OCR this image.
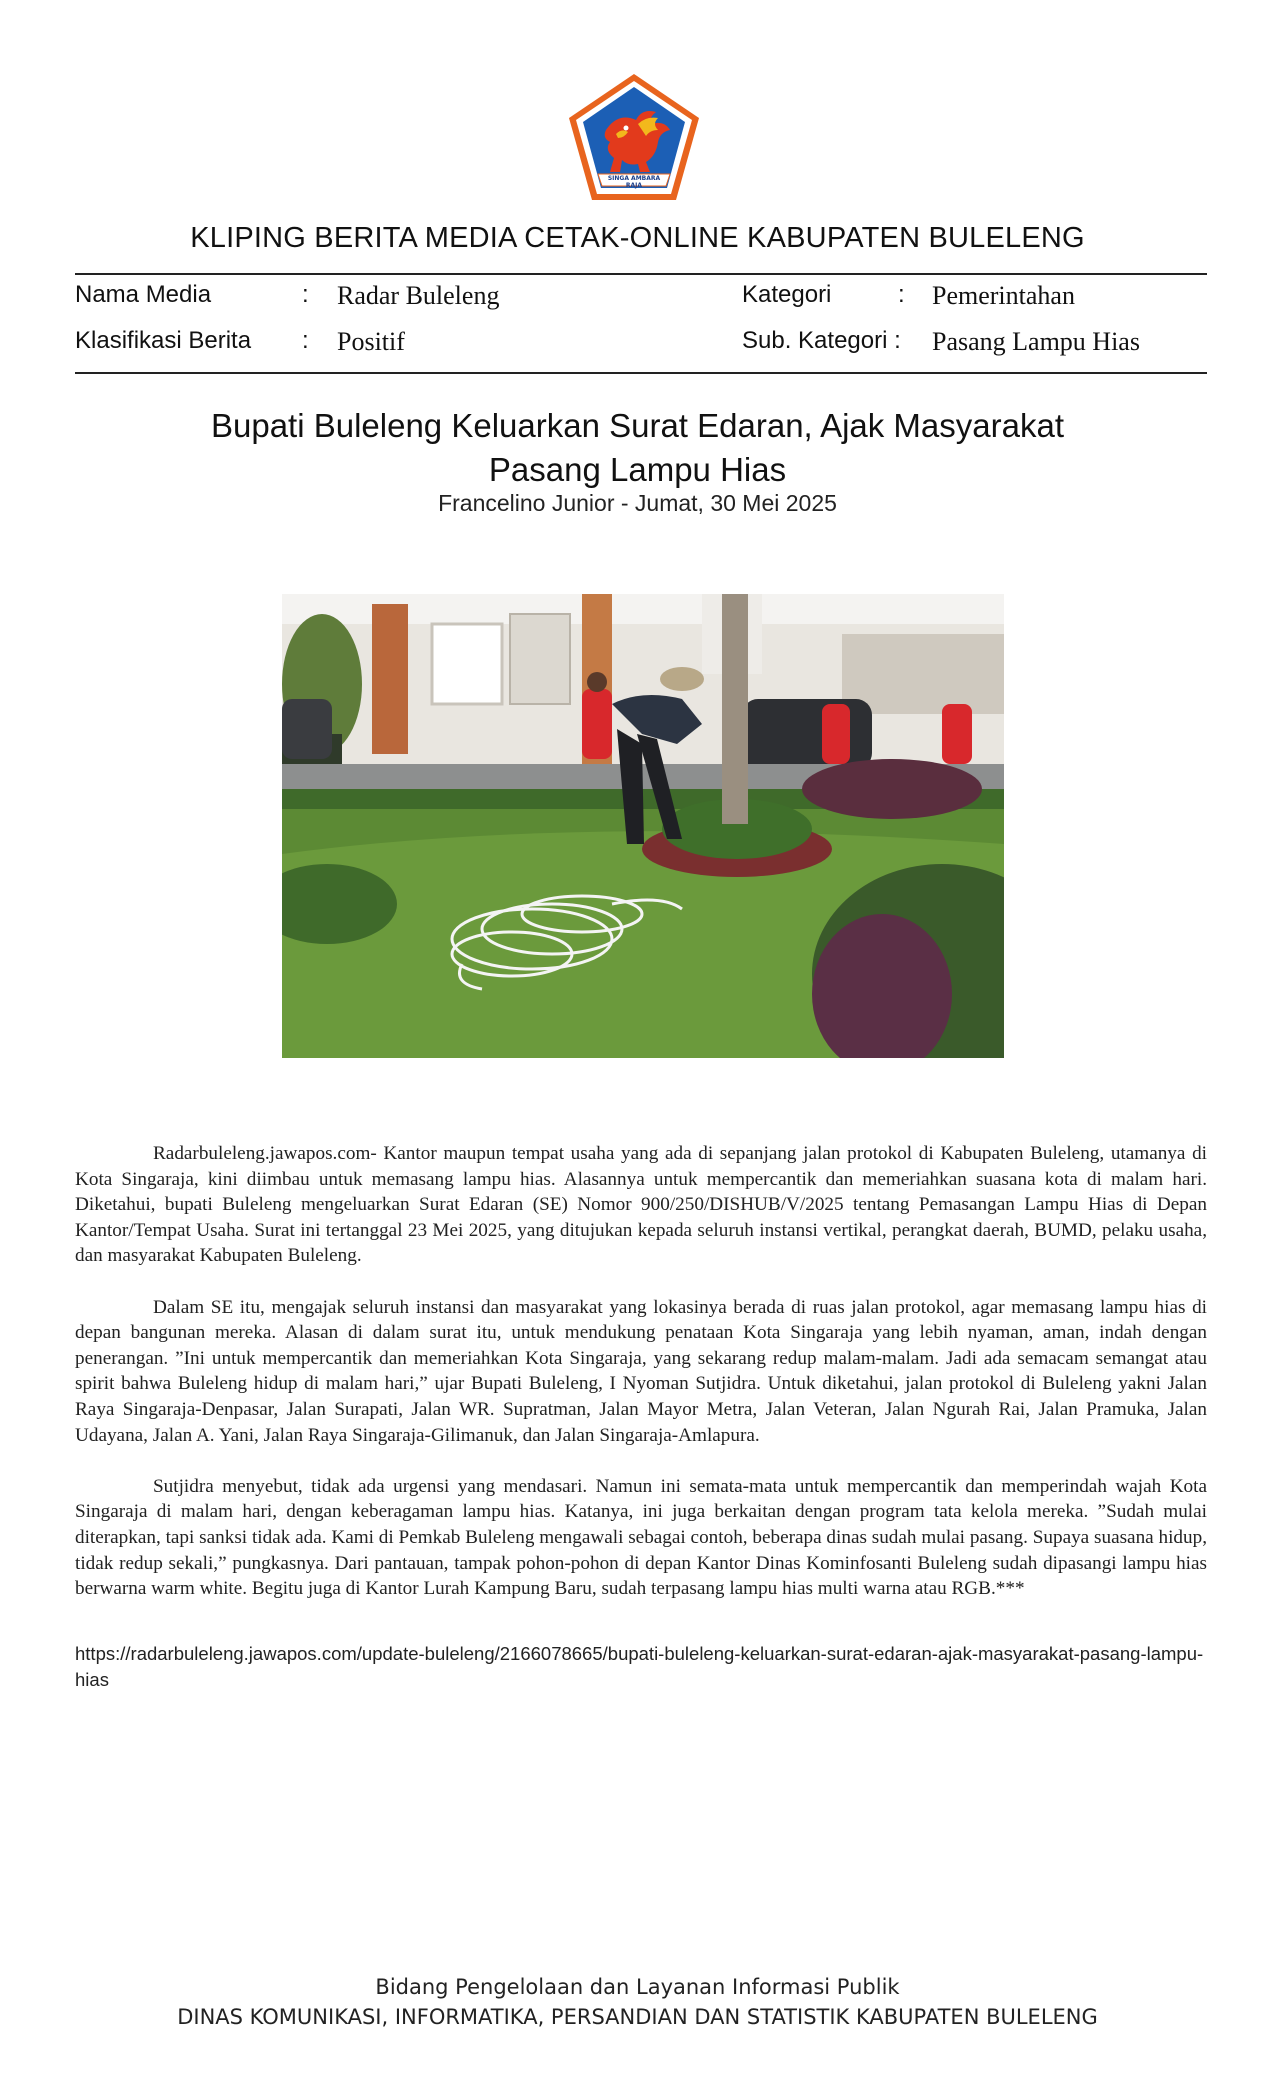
SINGA AMBARA RAJA
KLIPING BERITA MEDIA CETAK-ONLINE KABUPATEN BULELENG
Nama Media	: Radar Buleleng	Kategori	: Pemerintahan
Klasifikasi Berita : Positif	Sub. Kategori : Pasang Lampu Hias
Bupati Buleleng Keluarkan Surat Edaran, Ajak Masyarakat
Pasang Lampu Hias
Francelino Junior - Jumat, 30 Mei 2025

Radarbuleleng.jawapos.com- Kantor maupun tempat usaha yang ada di sepanjang jalan protokol di Kabupaten Buleleng, utamanya di Kota Singaraja, kini diimbau untuk memasang lampu hias. Alasannya untuk mempercantik dan memeriahkan suasana kota di malam hari. Diketahui, bupati Buleleng mengeluarkan Surat Edaran (SE) Nomor 900/250/DISHUB/V/2025 tentang Pemasangan Lampu Hias di Depan Kantor/Tempat Usaha. Surat ini tertanggal 23 Mei 2025, yang ditujukan kepada seluruh instansi vertikal, perangkat daerah, BUMD, pelaku usaha, dan masyarakat Kabupaten Buleleng.

Dalam SE itu, mengajak seluruh instansi dan masyarakat yang lokasinya berada di ruas jalan protokol, agar memasang lampu hias di depan bangunan mereka. Alasan di dalam surat itu, untuk mendukung penataan Kota Singaraja yang lebih nyaman, aman, indah dengan penerangan. ”Ini untuk mempercantik dan memeriahkan Kota Singaraja, yang sekarang redup malam-malam. Jadi ada semacam semangat atau spirit bahwa Buleleng hidup di malam hari,” ujar Bupati Buleleng, I Nyoman Sutjidra. Untuk diketahui, jalan protokol di Buleleng yakni Jalan Raya Singaraja-Denpasar, Jalan Surapati, Jalan WR. Supratman, Jalan Mayor Metra, Jalan Veteran, Jalan Ngurah Rai, Jalan Pramuka, Jalan Udayana, Jalan A. Yani, Jalan Raya Singaraja-Gilimanuk, dan Jalan Singaraja-Amlapura.

Sutjidra menyebut, tidak ada urgensi yang mendasari. Namun ini semata-mata untuk mempercantik dan memperindah wajah Kota Singaraja di malam hari, dengan keberagaman lampu hias. Katanya, ini juga berkaitan dengan program tata kelola mereka. ”Sudah mulai diterapkan, tapi sanksi tidak ada. Kami di Pemkab Buleleng mengawali sebagai contoh, beberapa dinas sudah mulai pasang. Supaya suasana hidup, tidak redup sekali,” pungkasnya. Dari pantauan, tampak pohon-pohon di depan Kantor Dinas Kominfosanti Buleleng sudah dipasangi lampu hias berwarna warm white. Begitu juga di Kantor Lurah Kampung Baru, sudah terpasang lampu hias multi warna atau RGB.***

https://radarbuleleng.jawapos.com/update-buleleng/2166078665/bupati-buleleng-keluarkan-surat-edaran-ajak-masyarakat-pasang-lampu-hias
Bidang Pengelolaan dan Layanan Informasi Publik
DINAS KOMUNIKASI, INFORMATIKA, PERSANDIAN DAN STATISTIK KABUPATEN BULELENG
